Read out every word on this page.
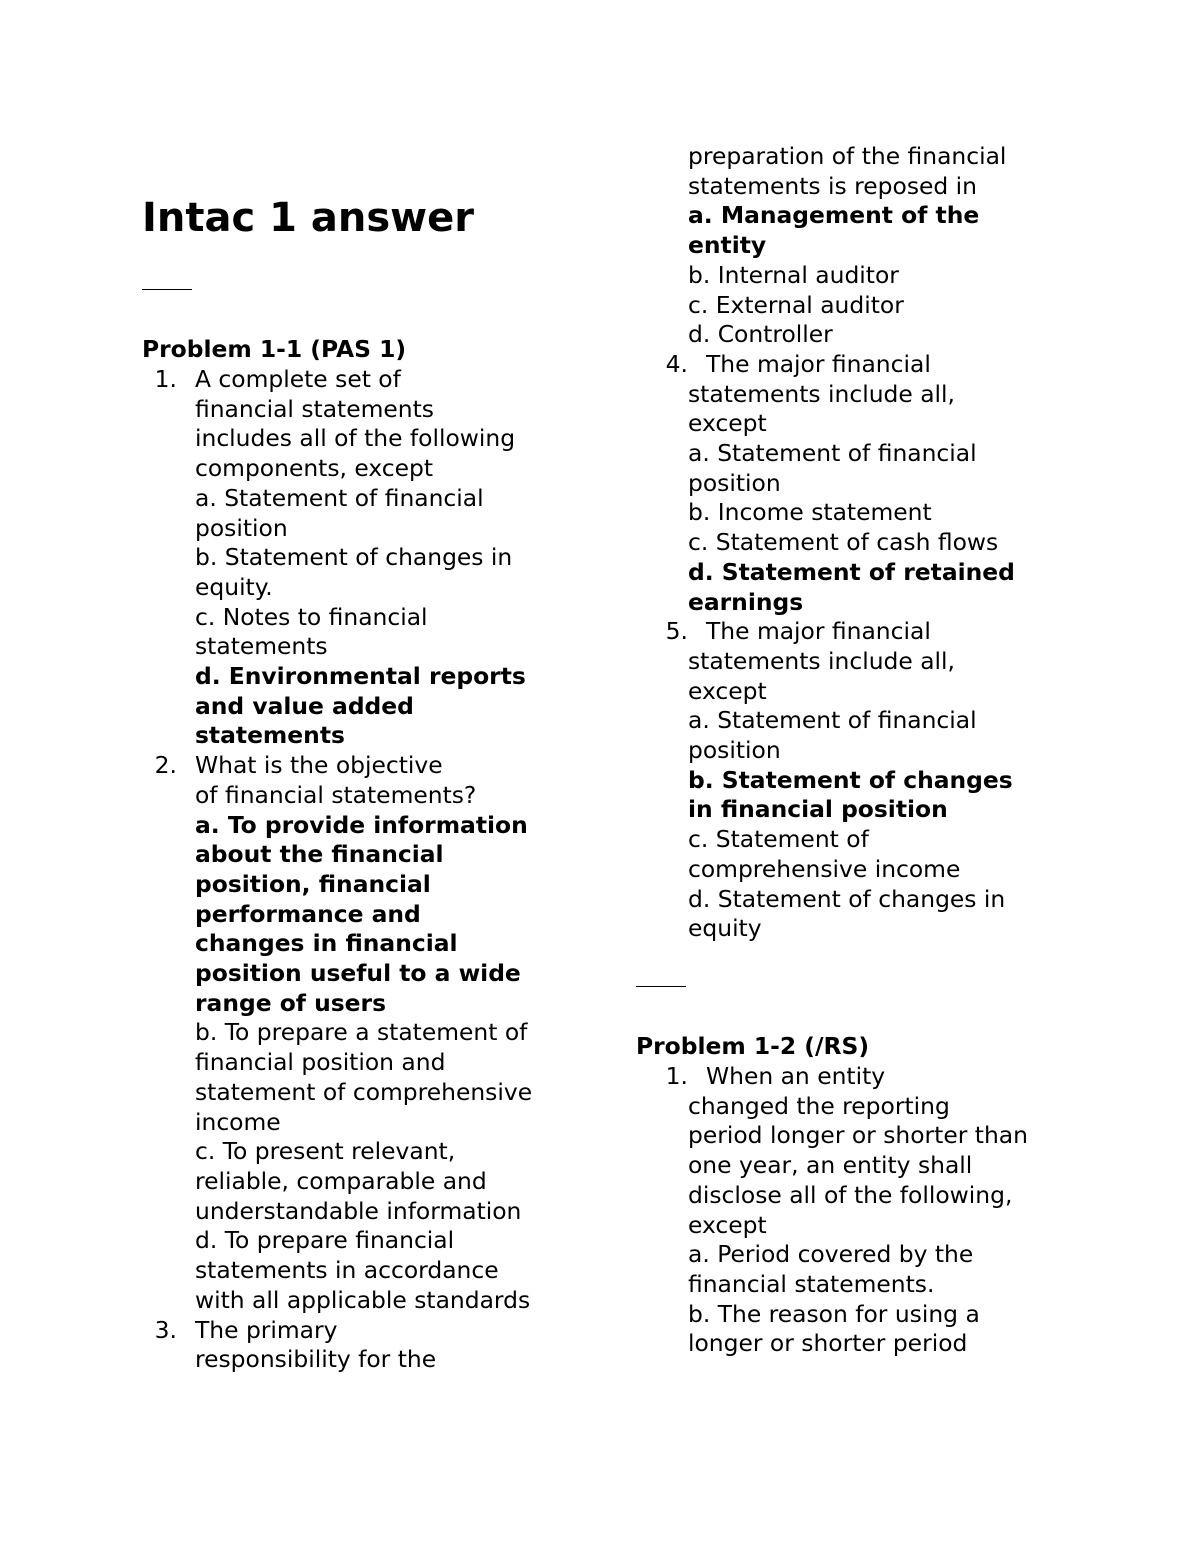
Intac 1 answer
Problem 1-1 (PAS 1)
1. A complete set of
financial statements
includes all of the following
components, except
a. Statement of financial
position
b. Statement of changes in
equity.
c. Notes to financial
statements
d. Environmental reports
and value added
statements
2. What is the objective
of financial statements?
a. To provide information
about the financial
position, financial
performance and
changes in financial
position useful to a wide
range of users
b. To prepare a statement of
financial position and
statement of comprehensive
income
c. To present relevant,
reliable, comparable and
understandable information
d. To prepare financial
statements in accordance
with all applicable standards
3. The primary
responsibility for the
preparation of the financial
statements is reposed in
a. Management of the
entity
b. Internal auditor
c. External auditor
d. Controller
4. The major financial
statements include all,
except
a. Statement of financial
position
b. Income statement
c. Statement of cash flows
d. Statement of retained
earnings
5. The major financial
statements include all,
except
a. Statement of financial
position
b. Statement of changes
in financial position
c. Statement of
comprehensive income
d. Statement of changes in
equity
Problem 1-2 (/RS)
1. When an entity
changed the reporting
period longer or shorter than
one year, an entity shall
disclose all of the following,
except
a. Period covered by the
financial statements.
b. The reason for using a
longer or shorter period
